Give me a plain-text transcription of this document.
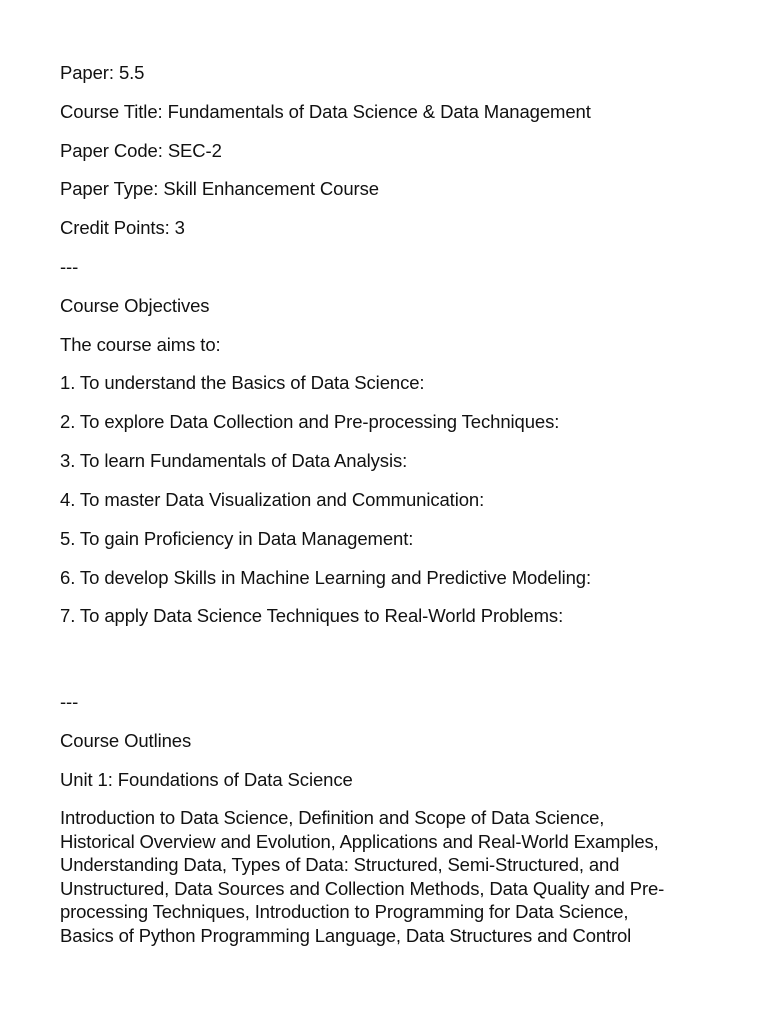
Paper: 5.5
Course Title: Fundamentals of Data Science & Data Management
Paper Code: SEC-2
Paper Type: Skill Enhancement Course
Credit Points: 3
---
Course Objectives
The course aims to:
1. To understand the Basics of Data Science:
2. To explore Data Collection and Pre-processing Techniques:
3. To learn Fundamentals of Data Analysis:
4. To master Data Visualization and Communication:
5. To gain Proficiency in Data Management:
6. To develop Skills in Machine Learning and Predictive Modeling:
7. To apply Data Science Techniques to Real-World Problems:
---
Course Outlines
Unit 1: Foundations of Data Science
Introduction to Data Science, Definition and Scope of Data Science,
Historical Overview and Evolution, Applications and Real-World Examples,
Understanding Data, Types of Data: Structured, Semi-Structured, and
Unstructured, Data Sources and Collection Methods, Data Quality and Pre-
processing Techniques, Introduction to Programming for Data Science,
Basics of Python Programming Language, Data Structures and Control
